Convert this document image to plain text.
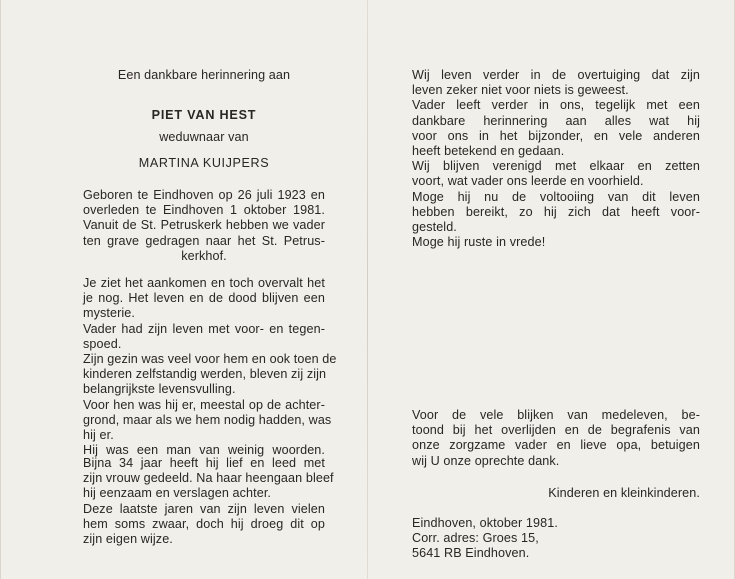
Een dankbare herinnering aan
PIET VAN HEST
weduwnaar van
MARTINA KUIJPERS
Geboren te Eindhoven op 26 juli 1923 en
overleden te Eindhoven 1 oktober 1981.
Vanuit de St. Petruskerk hebben we vader
ten grave gedragen naar het St. Petrus-
kerkhof.
Je ziet het aankomen en toch overvalt het
je nog. Het leven en de dood blijven een
mysterie.
Vader had zijn leven met voor- en tegen-
spoed.
Zijn gezin was veel voor hem en ook toen de
kinderen zelfstandig werden, bleven zij zijn
belangrijkste levensvulling.
Voor hen was hij er, meestal op de achter-
grond, maar als we hem nodig hadden, was
hij er.
Hij was een man van weinig woorden.
Bijna 34 jaar heeft hij lief en leed met
zijn vrouw gedeeld. Na haar heengaan bleef
hij eenzaam en verslagen achter.
Deze laatste jaren van zijn leven vielen
hem soms zwaar, doch hij droeg dit op
zijn eigen wijze.
Wij leven verder in de overtuiging dat zijn
leven zeker niet voor niets is geweest.
Vader leeft verder in ons, tegelijk met een
dankbare herinnering aan alles wat hij
voor ons in het bijzonder, en vele anderen
heeft betekend en gedaan.
Wij blijven verenigd met elkaar en zetten
voort, wat vader ons leerde en voorhield.
Moge hij nu de voltooiing van dit leven
hebben bereikt, zo hij zich dat heeft voor-
gesteld.
Moge hij ruste in vrede!
Voor de vele blijken van medeleven, be-
toond bij het overlijden en de begrafenis van
onze zorgzame vader en lieve opa, betuigen
wij U onze oprechte dank.
Kinderen en kleinkinderen.
Eindhoven, oktober 1981.
Corr. adres: Groes 15,
5641 RB Eindhoven.
